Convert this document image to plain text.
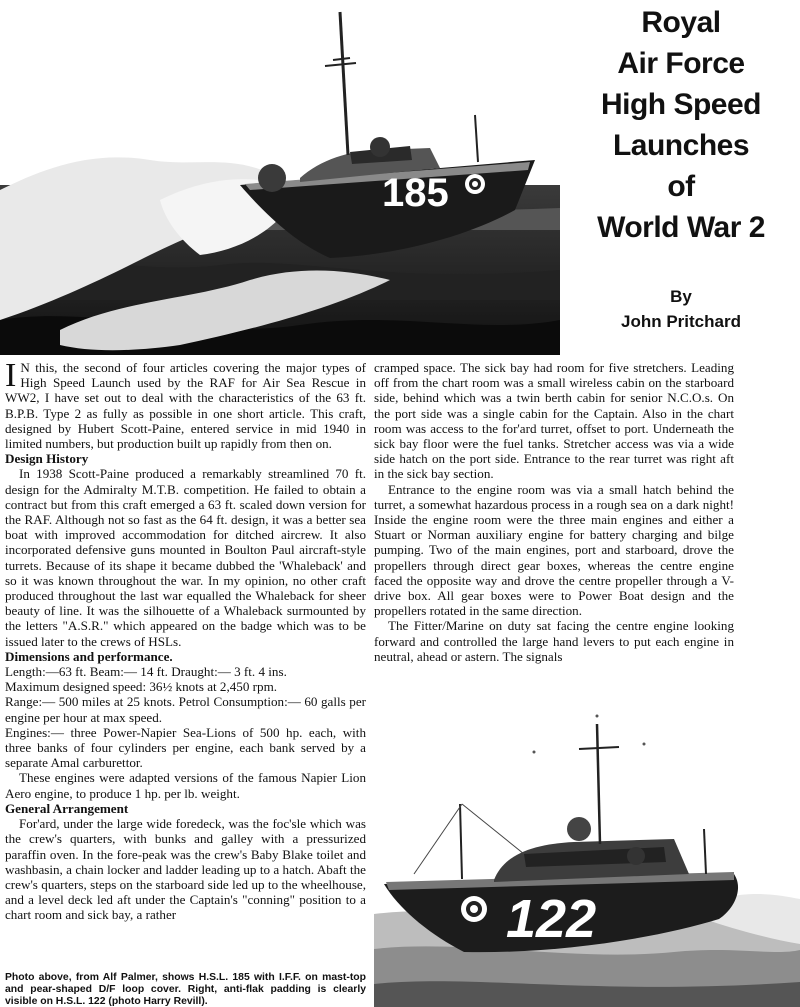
185
Royal
Air Force
High Speed
Launches
of
World War 2
By
John Pritchard

I N this, the second of four articles covering the major types of High Speed Launch used by the RAF for Air Sea Rescue in WW2, I have set out to deal with the characteristics of the 63 ft. B.P.B. Type 2 as fully as possible in one short article. This craft, designed by Hubert Scott-Paine, entered service in mid 1940 in limited numbers, but production built up rapidly from then on.

Design History

In 1938 Scott-Paine produced a remarkably streamlined 70 ft. design for the Admiralty M.T.B. competition. He failed to obtain a contract but from this craft emerged a 63 ft. scaled down version for the RAF. Although not so fast as the 64 ft. design, it was a better sea boat with improved accommodation for ditched aircrew. It also incorporated defensive guns mounted in Boulton Paul aircraft-style turrets. Because of its shape it became dubbed the 'Whaleback' and so it was known throughout the war. In my opinion, no other craft produced throughout the last war equalled the Whaleback for sheer beauty of line. It was the silhouette of a Whaleback surmounted by the letters "A.S.R." which appeared on the badge which was to be issued later to the crews of HSLs.

Dimensions and performance.

Length:—63 ft. Beam:— 14 ft. Draught:— 3 ft. 4 ins.

Maximum designed speed: 36½ knots at 2,450 rpm.

Range:— 500 miles at 25 knots. Petrol Consumption:— 60 galls per engine per hour at max speed.

Engines:— three Power-Napier Sea-Lions of 500 hp. each, with three banks of four cylinders per engine, each bank served by a separate Amal carburettor.

These engines were adapted versions of the famous Napier Lion Aero engine, to produce 1 hp. per lb. weight.

General Arrangement

For'ard, under the large wide foredeck, was the foc'sle which was the crew's quarters, with bunks and galley with a pressurized paraffin oven. In the fore-peak was the crew's Baby Blake toilet and washbasin, a chain locker and ladder leading up to a hatch. Abaft the crew's quarters, steps on the starboard side led up to the wheelhouse, and a level deck led aft under the Captain's "conning" position to a chart room and sick bay, a rather

cramped space. The sick bay had room for five stretchers. Leading off from the chart room was a small wireless cabin on the starboard side, behind which was a twin berth cabin for senior N.C.O.s. On the port side was a single cabin for the Captain. Also in the chart room was access to the for'ard turret, offset to port. Underneath the sick bay floor were the fuel tanks. Stretcher access was via a wide side hatch on the port side. Entrance to the rear turret was right aft in the sick bay section.

Entrance to the engine room was via a small hatch behind the turret, a somewhat hazardous process in a rough sea on a dark night! Inside the engine room were the three main engines and either a Stuart or Norman auxiliary engine for battery charging and bilge pumping. Two of the main engines, port and starboard, drove the propellers through direct gear boxes, whereas the centre engine faced the opposite way and drove the centre propeller through a V-drive box. All gear boxes were to Power Boat design and the propellers rotated in the same direction.

The Fitter/Marine on duty sat facing the centre engine looking forward and controlled the large hand levers to put each engine in neutral, ahead or astern. The signals

122
Photo above, from Alf Palmer, shows H.S.L. 185 with I.F.F. on mast-top and pear-shaped D/F loop cover. Right, anti-flak padding is clearly visible on H.S.L. 122 (photo Harry Revill).
